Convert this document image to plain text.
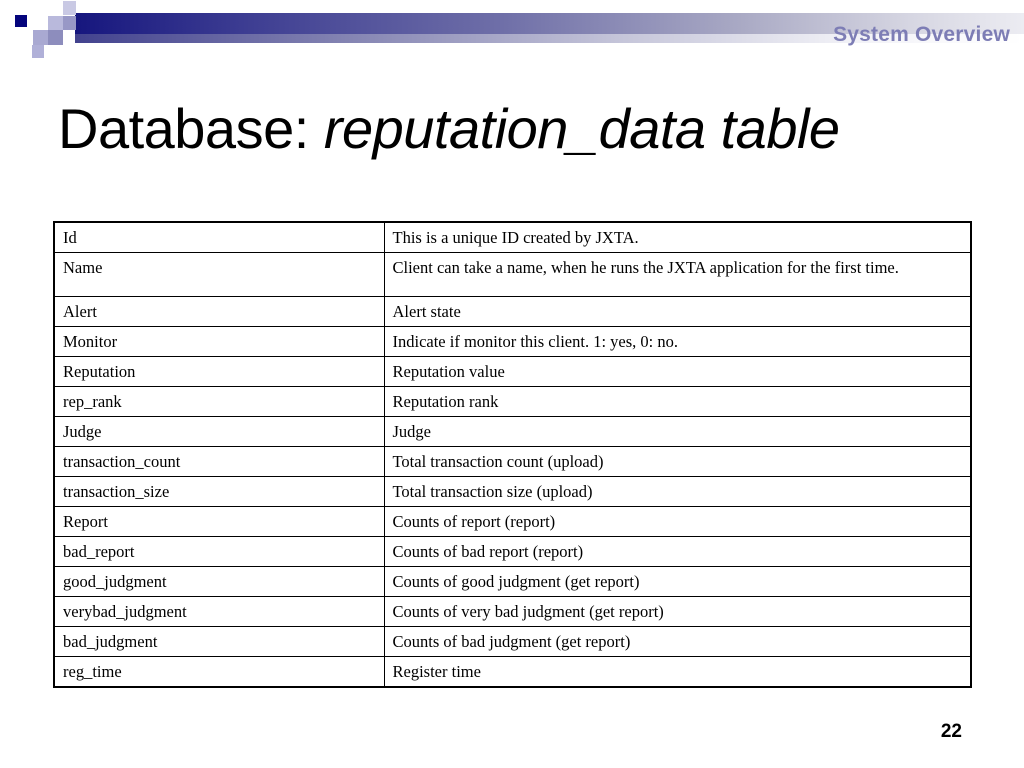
System Overview
Database: reputation_data table
Id	This is a unique ID created by JXTA.
Name	Client can take a name, when he runs the JXTA application for the first time.
Alert	Alert state
Monitor	Indicate if monitor this client. 1: yes, 0: no.
Reputation	Reputation value
rep_rank	Reputation rank
Judge	Judge
transaction_count	Total transaction count (upload)
transaction_size	Total transaction size (upload)
Report	Counts of report (report)
bad_report	Counts of bad report (report)
good_judgment	Counts of good judgment (get report)
verybad_judgment	Counts of very bad judgment (get report)
bad_judgment	Counts of bad judgment (get report)
reg_time	Register time
22
